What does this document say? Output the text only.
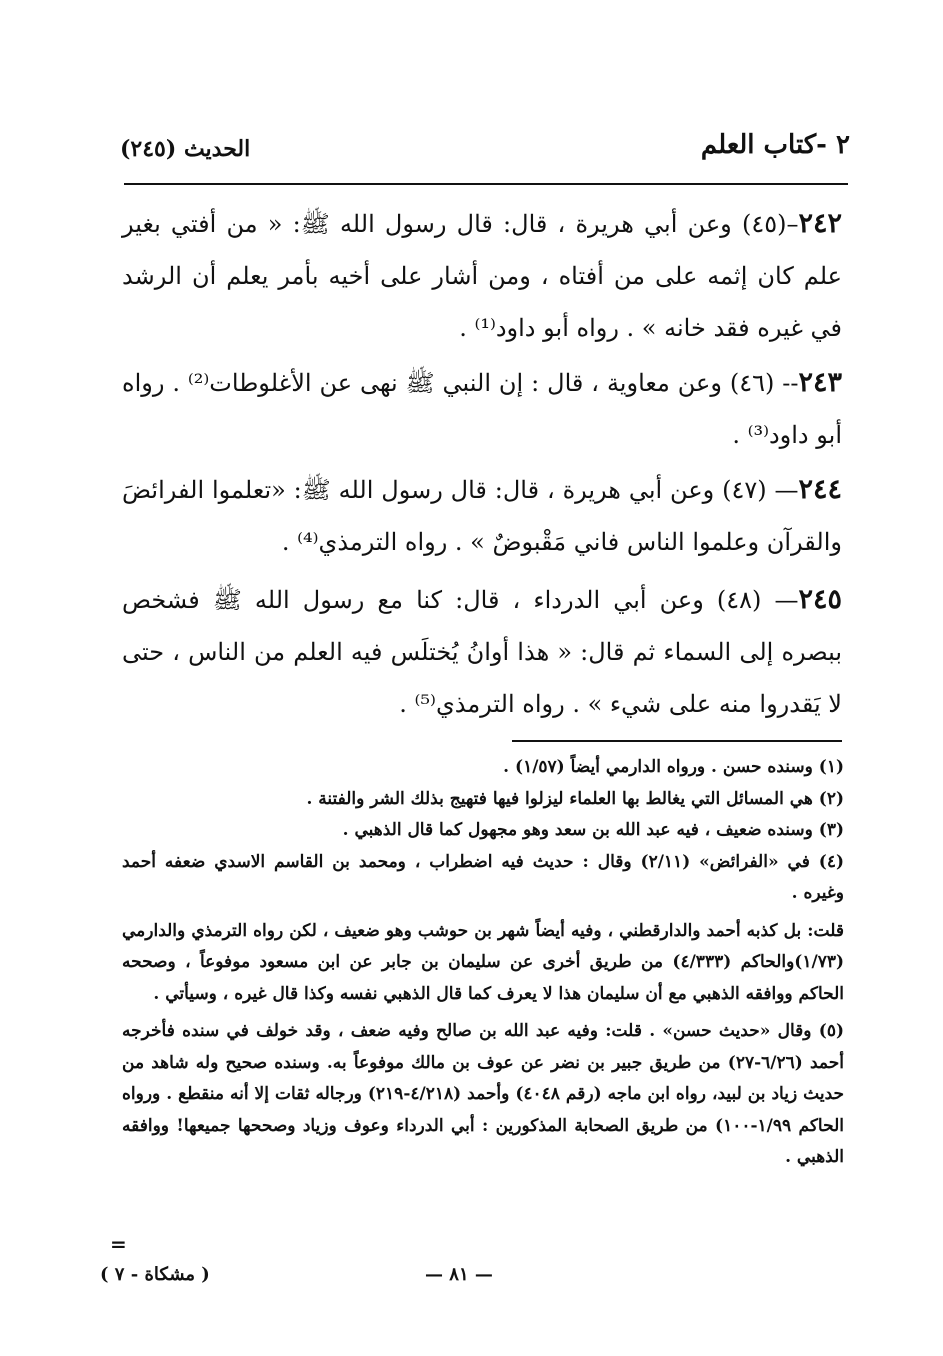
٢ -كتاب العلم
الحديث (٢٤٥)
٢٤٢–(٤٥) وعن أبي هريرة ، قال: قال رسول الله ﷺ: « من أفتي بغير علم كان إثمه على من أفتاه ، ومن أشار على أخيه بأمر يعلم أن الرشد في غيره فقد خانه » . رواه أبو داود⁽¹⁾ .
٢٤٣-- (٤٦) وعن معاوية ، قال : إن النبي ﷺ نهى عن الأغلوطات⁽²⁾ . رواه أبو داود⁽³⁾ .
٢٤٤— (٤٧) وعن أبي هريرة ، قال: قال رسول الله ﷺ: «تعلموا الفرائضَ والقرآن وعلموا الناس فاني مَقْبوضٌ » . رواه الترمذي⁽⁴⁾ .
٢٤٥— (٤٨) وعن أبي الدرداء ، قال: كنا مع رسول الله ﷺ فشخص ببصره إلى السماء ثم قال: « هذا أوانُ يُختلَس فيه العلم من الناس ، حتى لا يَقدروا منه على شيء » . رواه الترمذي⁽⁵⁾ .
(١) وسنده حسن . ورواه الدارمي أيضاً (١/٥٧) .
(٢) هي المسائل التي يغالط بها العلماء ليزلوا فيها فتهيج بذلك الشر والفتنة .
(٣) وسنده ضعيف ، فيه عبد الله بن سعد وهو مجهول كما قال الذهبي .
(٤) في «الفرائض» (٢/١١) وقال : حديث فيه اضطراب ، ومحمد بن القاسم الاسدي ضعفه أحمد وغيره .
قلت: بل كذبه أحمد والدارقطني ، وفيه أيضاً شهر بن حوشب وهو ضعيف ، لكن رواه الترمذي والدارمي (١/٧٣)والحاكم (٤/٣٣٣) من طريق أخرى عن سليمان بن جابر عن ابن مسعود موفوعاً ، وصححه الحاكم ووافقه الذهبي مع أن سليمان هذا لا يعرف كما قال الذهبي نفسه وكذا قال غيره ، وسيأتي .
(٥) وقال «حديث حسن» . قلت: وفيه عبد الله بن صالح وفيه ضعف ، وقد خولف في سنده فأخرجه أحمد (٦/٢٦-٢٧) من طريق جبير بن نضر عن عوف بن مالك موفوعاً به. وسنده صحيح وله شاهد من حديث زياد بن لبيد، رواه ابن ماجه (رقم ٤٠٤٨) وأحمد (٤/٢١٨-٢١٩) ورجاله ثقات إلا أنه منقطع . ورواه الحاكم ١/٩٩-١٠٠) من طريق الصحابة المذكورين : أبي الدرداء وعوف وزياد وصححها جميعها! ووافقه الذهبي .
=
( مشكاة - ٧ )	— ٨١ —
